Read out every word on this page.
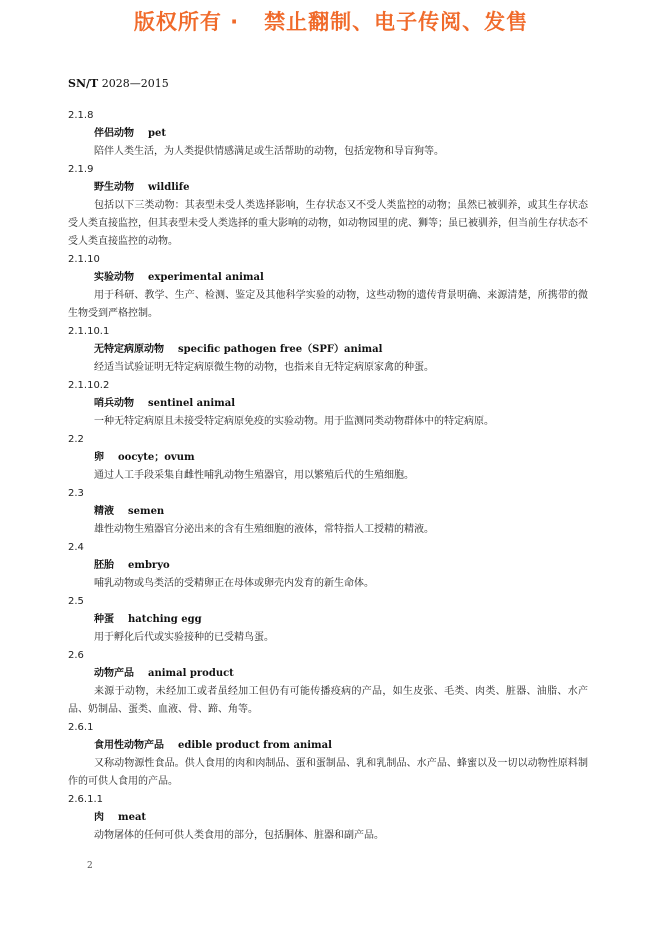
版权所有 ·   禁止翻制、电子传阅、发售
SN/T 2028—2015
2.1.8
伴侣动物 pet

陪伴人类生活，为人类提供情感满足或生活帮助的动物，包括宠物和导盲狗等。

2.1.9
野生动物 wildlife

包括以下三类动物：其表型未受人类选择影响，生存状态又不受人类监控的动物；虽然已被驯养，或其生存状态受人类直接监控，但其表型未受人类选择的重大影响的动物，如动物园里的虎、狮等；虽已被驯养，但当前生存状态不受人类直接监控的动物。

2.1.10
实验动物 experimental animal

用于科研、教学、生产、检测、鉴定及其他科学实验的动物，这些动物的遗传背景明确、来源清楚，所携带的微生物受到严格控制。

2.1.10.1
无特定病原动物 specific pathogen free（SPF）animal

经适当试验证明无特定病原微生物的动物，也指来自无特定病原家禽的种蛋。

2.1.10.2
哨兵动物 sentinel animal

一种无特定病原且未接受特定病原免疫的实验动物。用于监测同类动物群体中的特定病原。

2.2
卵 oocyte；ovum

通过人工手段采集自雌性哺乳动物生殖器官，用以繁殖后代的生殖细胞。

2.3
精液 semen

雄性动物生殖器官分泌出来的含有生殖细胞的液体，常特指人工授精的精液。

2.4
胚胎 embryo

哺乳动物或鸟类活的受精卵正在母体或卵壳内发育的新生命体。

2.5
种蛋 hatching egg

用于孵化后代或实验接种的已受精鸟蛋。

2.6
动物产品 animal product

来源于动物，未经加工或者虽经加工但仍有可能传播疫病的产品，如生皮张、毛类、肉类、脏器、油脂、水产品、奶制品、蛋类、血液、骨、蹄、角等。

2.6.1
食用性动物产品 edible product from animal

又称动物源性食品。供人食用的肉和肉制品、蛋和蛋制品、乳和乳制品、水产品、蜂蜜以及一切以动物性原料制作的可供人食用的产品。

2.6.1.1
肉 meat

动物屠体的任何可供人类食用的部分，包括胴体、脏器和副产品。

2
